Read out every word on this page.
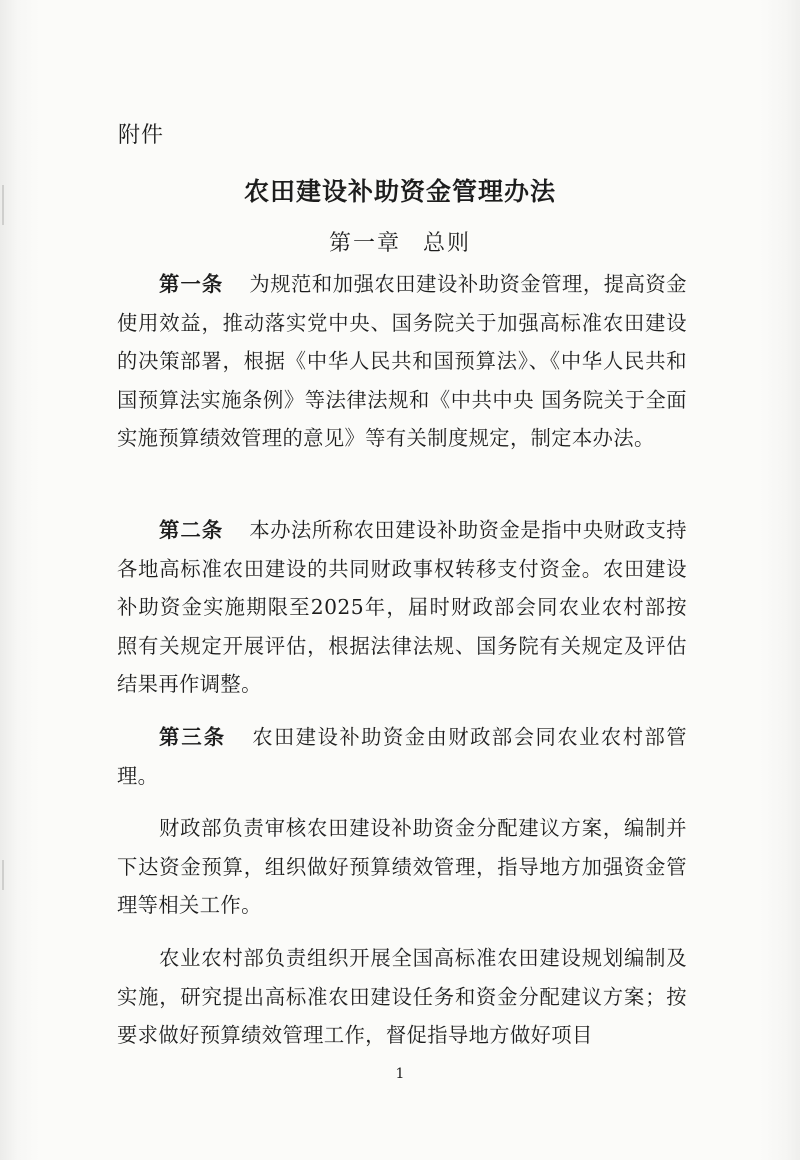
附件
农田建设补助资金管理办法
第一章 总则
第一条 为规范和加强农田建设补助资金管理，提高资金使用效益，推动落实党中央、国务院关于加强高标准农田建设的决策部署，根据《中华人民共和国预算法》、《中华人民共和国预算法实施条例》等法律法规和《中共中央 国务院关于全面实施预算绩效管理的意见》等有关制度规定，制定本办法。
第二条 本办法所称农田建设补助资金是指中央财政支持各地高标准农田建设的共同财政事权转移支付资金。农田建设补助资金实施期限至2025年，届时财政部会同农业农村部按照有关规定开展评估，根据法律法规、国务院有关规定及评估结果再作调整。
第三条 农田建设补助资金由财政部会同农业农村部管理。
财政部负责审核农田建设补助资金分配建议方案，编制并下达资金预算，组织做好预算绩效管理，指导地方加强资金管理等相关工作。
农业农村部负责组织开展全国高标准农田建设规划编制及实施，研究提出高标准农田建设任务和资金分配建议方案；按要求做好预算绩效管理工作，督促指导地方做好项目
1
